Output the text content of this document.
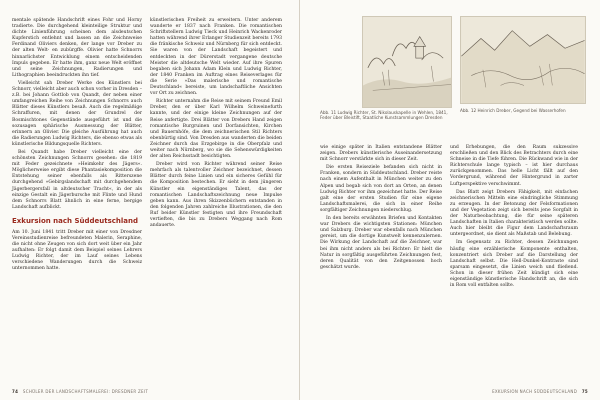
mentale spätende Handschrift eines Fohr und Horny tradierte. Die durchgehend kleinteilige Struktur und dichte Linienführung scheinen dem alsdeutschen Kupferstich entlehnt und lassen an die Zeichnweise Ferdinand Oliviers denken, der lange vor Dreber zu der alten Welt- en zubürgffe. Olivier hatte Schnorrs hinnarlichster Entwicklung einem entscheidenden Impuls gegeben. Er hatte ihm, ganz neue Welt eröffnet und seine Zeichnungen, Radierungen und Lithographien beeindruckten ihn tief.

Vielleicht sah Dreber Werke des Künstlers bei Schnorr, vielleicht aber auch schon vorher in Dresden – z.B. bei Johann Gottlob von Quandt, der neben einer umfangreichen Reihe von Zeichnungen Schnorrs auch Blätter dieses Künstlers besaß. Auch die regelmäßige Schraffuren, mit denen der Grundrel der Bosmischtones Gegenstände ausgeführt ist und die sozusagen sphärische Ausmessung der Blätter, erinnern an Olivier. Die gleiche Ausführung hat auch die Radierungen Ludwig Richters, die ebenso etwas als künstlerische Bildungsquelle Richters.

Bei Quandt habe Dreber vielleicht eine der schönsten Zeichnungen Schnorrs gesehen: die 1819 mit Feder gezeichnete »Heimkehr des Jägers«. Möglicherweise ergibt diese Phantasiekomposition die Entstehung seiner ebenfalls als Ritterszene durchgehend »Gebirgslandschaft mit durchgehendem Jägerbergersfall in altdeutscher Tracht«, in der als einzige Gestalt ein Jägerbursche mit Flinte und Hund dem Schnorrs Blatt ähnlich in eine ferne, bergige Landschaft aufblickt.

Exkursion nach Süddeutschland

Am 10. Juni 1841 tritt Dreber mit einer von Dresdner Vereinsstudienreise befreundeten Malerin, Seraphine, die nicht ohne Zeugen von sich dort weit über ein Jahr aufhalten: Er folgt damit dem Beispiel seines Lehrers Ludwig Richter, der im Lauf seines Lebens verschiedene Wanderungen durch die Schweiz unternommen hatte.

künstlerischen Freiheit zu erweitern. Unter anderem wanderte er 1837 nach Franken. Die romantischen Schriftstellern Ludwig Tieck und Heinrich Wackenroder hatten während ihrer Erlanger Studienzeit bereits 1793 die fränkische Schweiz und Nürnberg für sich entdeckt. Sie waren von der Landschaft begeistert und entdeckten in der Dürerstadt vergangene deutsche Meister die altdeutsche Welt wieder. Auf ihre Spuren begaben sich Johann Adam Klein und Ludwig Richter, der 1840 Franken im Auftrag eines Reiseverlages für die Serie »Das malerische und romantische Deutschland« bereiste, um landschaftliche Ansichten vor Ort zu zeichnen.

Richter unternahm die Reise mit seinem Freund Emil Dreber, den er über Karl Wilhelm Schweinefurth kannte, und der einige kleine Zeichnungen auf der Reise anfertigte. Drei Blätter von Drebers Hand zeigen romantische Burgruinen und Dorfansichten, Kirchen und Bauernhöfe, die dem zeichnerischen Stil Richters ebenbürtig sind. Von Dresden aus wanderten die beiden Zeichner durch das Erzgebirge in die Oberpfalz und weiter nach Nürnberg, wo sie die Sehenswürdigkeiten der alten Reichsstadt besichtigten.

Dreber wird von Richter während seiner Reise mehrfach als talentvoller Zeichner bezeichnet, dessen Blätter durch feine Linien und ein sicheres Gefühl für die Komposition bestechen. Er sieht in dem jüngeren Künstler ein eigenständiges Talent, das der romantischen Landschaftszeichnung neue Impulse geben kann. Aus ihren Skizzenbüchern entstanden in den folgenden Jahren zahlreiche Illustrationen, die den Ruf beider Künstler festigten und ihre Freundschaft vertieften, die bis zu Drebers Weggang nach Rom andauerte.

74 SCHÜLER DER LANDSCHAFTSMALEREI: DRESDNER ZEIT
Abb. 11 Ludwig Richter, St. Nikolauskapelle in Wehlen, 1841, Feder über Bleistift, Staatliche Kunstsammlungen Dresden
Abb. 12 Heinrich Dreber, Gegend bei Wasserhofen

wie einige später in Italien entstandene Blätter zeigen. Drebers künstlerische Auseinandersetzung mit Schnorr verstärkte sich in dieser Zeit.

Die ersten Reiseziele befanden sich nicht in Franken, sondern in Süddeutschland. Dreber reiste nach einem Aufenthalt in München weiter zu den Alpen und begab sich von dort an Orten, an denen Ludwig Richter vor ihm gezeichnet hatte. Der Reise galt eine der ersten Studien für eine eigene Landschaftsmalerei, die sich in einer Reihe sorgfältiger Zeichnungen niederschlug.

In den bereits erwähnten Briefen und Kontakten war Drebers die wichtigsten Stationen: München und Salzburg. Dreber war ebenfalls nach München gereist, um die dortige Kunstwelt kennenzulernen. Die Wirkung der Landschaft auf die Zeichner, war bei ihm nicht anders als bei Richter: Er hielt die Natur in sorgfältig ausgeführten Zeichnungen fest, deren Qualität von den Zeitgenossen hoch geschätzt wurde.

und Erhebungen, die den Raum sukzessive erschließen und den Blick des Betrachters durch eine Schneise in die Tiefe führen. Die Rückwand wie in der Richterschule lange typisch – ist hier durchaus zurückgenommen. Das helle Licht fällt auf den Vordergrund, während der Hintergrund in zarter Luftperspektive verschwimmt.

Das Blatt zeigt Drebers Fähigkeit, mit einfachen zeichnerischen Mitteln eine eindringliche Stimmung zu erzeugen. In der Betonung der Felsformationen und der Vegetation zeigt sich bereits jene Sorgfalt in der Naturbeobachtung, die für seine späteren Landschaften in Italien charakteristisch werden sollte. Auch hier bleibt die Figur dem Landschaftsraum untergeordnet, sie dient als Maßstab und Belebung.

Im Gegensatz zu Richter, dessen Zeichnungen häufig eine erzählerische Komponente enthalten, konzentriert sich Dreber auf die Darstellung der Landschaft selbst. Die Hell-Dunkel-Kontraste sind sparsam eingesetzt, die Linien weich und fließend. Schon in dieser frühen Zeit kündigt sich eine eigenständige künstlerische Handschrift an, die sich in Rom voll entfalten sollte.

EXKURSION NACH SÜDDEUTSCHLAND 75
